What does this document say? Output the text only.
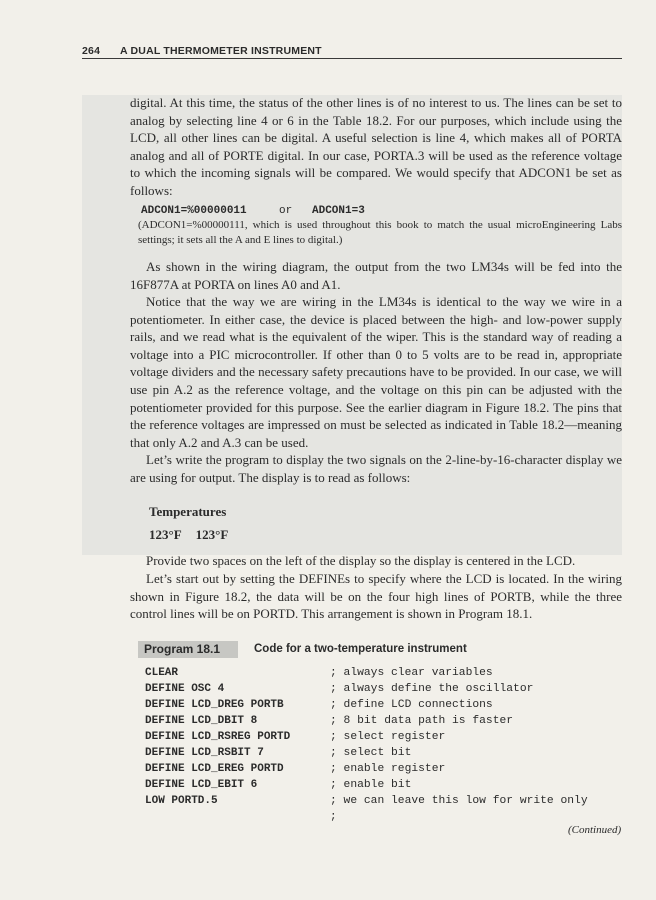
264 A DUAL THERMOMETER INSTRUMENT
digital. At this time, the status of the other lines is of no interest to us. The lines can be set to analog by selecting line 4 or 6 in the Table 18.2. For our purposes, which include using the LCD, all other lines can be digital. A useful selection is line 4, which makes all of PORTA analog and all of PORTE digital. In our case, PORTA.3 will be used as the reference voltage to which the incoming signals will be compared. We would specify that ADCON1 be set as follows:
ADCON1=%00000011	or ADCON1=3
(ADCON1=%00000111, which is used throughout this book to match the usual microEngineering Labs settings; it sets all the A and E lines to digital.)
As shown in the wiring diagram, the output from the two LM34s will be fed into the 16F877A at PORTA on lines A0 and A1.
Notice that the way we are wiring in the LM34s is identical to the way we wire in a potentiometer. In either case, the device is placed between the high- and low-power supply rails, and we read what is the equivalent of the wiper. This is the standard way of reading a voltage into a PIC microcontroller. If other than 0 to 5 volts are to be read in, appropriate voltage dividers and the necessary safety precautions have to be provided. In our case, we will use pin A.2 as the reference voltage, and the voltage on this pin can be adjusted with the potentiometer provided for this purpose. See the earlier diagram in Figure 18.2. The pins that the reference voltages are impressed on must be selected as indicated in Table 18.2—meaning that only A.2 and A.3 can be used.
Let’s write the program to display the two signals on the 2-line-by-16-character display we are using for output. The display is to read as follows:
Temperatures
123°F 123°F
Provide two spaces on the left of the display so the display is centered in the LCD.
Let’s start out by setting the DEFINEs to specify where the LCD is located. In the wiring shown in Figure 18.2, the data will be on the four high lines of PORTB, while the three control lines will be on PORTD. This arrangement is shown in Program 18.1.
Program 18.1	Code for a two-temperature instrument
CLEAR	; always clear variables
DEFINE OSC 4	; always define the oscillator
DEFINE LCD_DREG PORTB	; define LCD connections
DEFINE LCD_DBIT 8	; 8 bit data path is faster
DEFINE LCD_RSREG PORTD	; select register
DEFINE LCD_RSBIT 7	; select bit
DEFINE LCD_EREG PORTD	; enable register
DEFINE LCD_EBIT 6	; enable bit
LOW PORTD.5	; we can leave this low for write only
;
(Continued)
